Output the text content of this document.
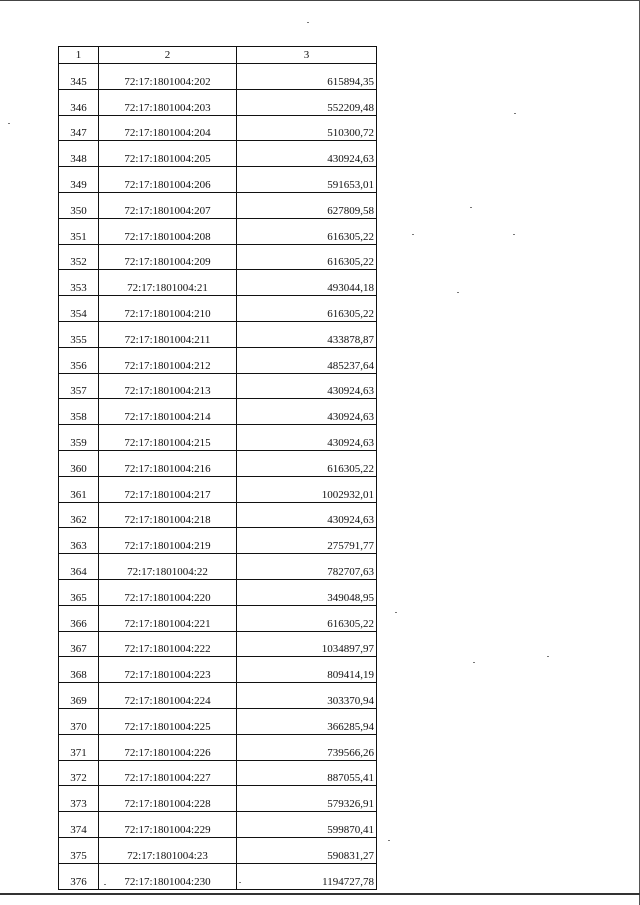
1	2	3
345	72:17:1801004:202	615894,35
346	72:17:1801004:203	552209,48
347	72:17:1801004:204	510300,72
348	72:17:1801004:205	430924,63
349	72:17:1801004:206	591653,01
350	72:17:1801004:207	627809,58
351	72:17:1801004:208	616305,22
352	72:17:1801004:209	616305,22
353	72:17:1801004:21	493044,18
354	72:17:1801004:210	616305,22
355	72:17:1801004:211	433878,87
356	72:17:1801004:212	485237,64
357	72:17:1801004:213	430924,63
358	72:17:1801004:214	430924,63
359	72:17:1801004:215	430924,63
360	72:17:1801004:216	616305,22
361	72:17:1801004:217	1002932,01
362	72:17:1801004:218	430924,63
363	72:17:1801004:219	275791,77
364	72:17:1801004:22	782707,63
365	72:17:1801004:220	349048,95
366	72:17:1801004:221	616305,22
367	72:17:1801004:222	1034897,97
368	72:17:1801004:223	809414,19
369	72:17:1801004:224	303370,94
370	72:17:1801004:225	366285,94
371	72:17:1801004:226	739566,26
372	72:17:1801004:227	887055,41
373	72:17:1801004:228	579326,91
374	72:17:1801004:229	599870,41
375	72:17:1801004:23	590831,27
376	72:17:1801004:230	1194727,78
